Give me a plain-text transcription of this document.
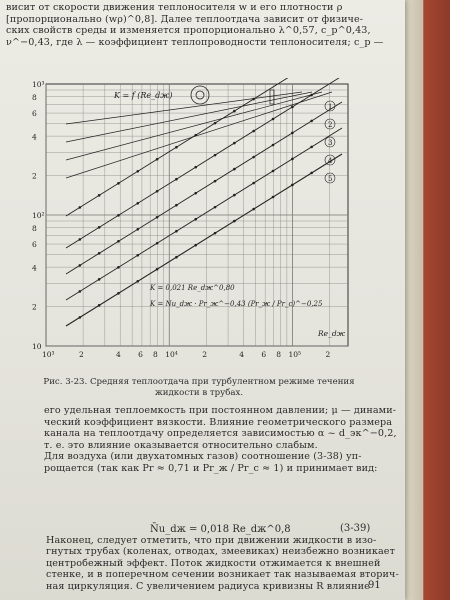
висит от скорости движения теплоносителя w и его плотности ρ
[пропорционально (wρ)^0,8]. Далее теплоотдача зависит от физиче-
ских свойств среды и изменяется пропорционально λ^0,57, c_p^0,43,
ν^−0,43, где λ — коэффициент теплопроводности теплоносителя; c_p —
K = f (Re_dж)
K = 0,021 Re_dж^0,80
K = Nu_dж · Pr_ж^−0,43 (Pr_ж / Pr_c)^−0,25
Re_dж
10³	2	4 6 8 10⁴	2	4 6 8 10⁵	2
10³
8
6
4
2
10²
8
6
4
2
10
1
2
3
4
5
Рис. 3-23. Средняя теплоотдача при турбулентном режиме течения
жидкости в трубах.
его удельная теплоемкость при постоянном давлении; μ — динами-
ческий коэффициент вязкости. Влияние геометрического размера
канала на теплоотдачу определяется зависимостью α ~ d_эк^−0,2,
т. е. это влияние оказывается относительно слабым.
Для воздуха (или двухатомных газов) соотношение (3-38) уп-
рощается (так как Pr ≈ 0,71 и Pr_ж / Pr_c ≈ 1) и принимает вид:
N̄u_dж = 0,018 Re_dж^0,8	(3-39)
Наконец, следует отметить, что при движении жидкости в изо-
гнутых трубах (коленах, отводах, змеевиках) неизбежно возникает
центробежный эффект. Поток жидкости отжимается к внешней
стенке, и в поперечном сечении возникает так называемая вторич-
ная циркуляция. С увеличением радиуса кривизны R влияние
91
